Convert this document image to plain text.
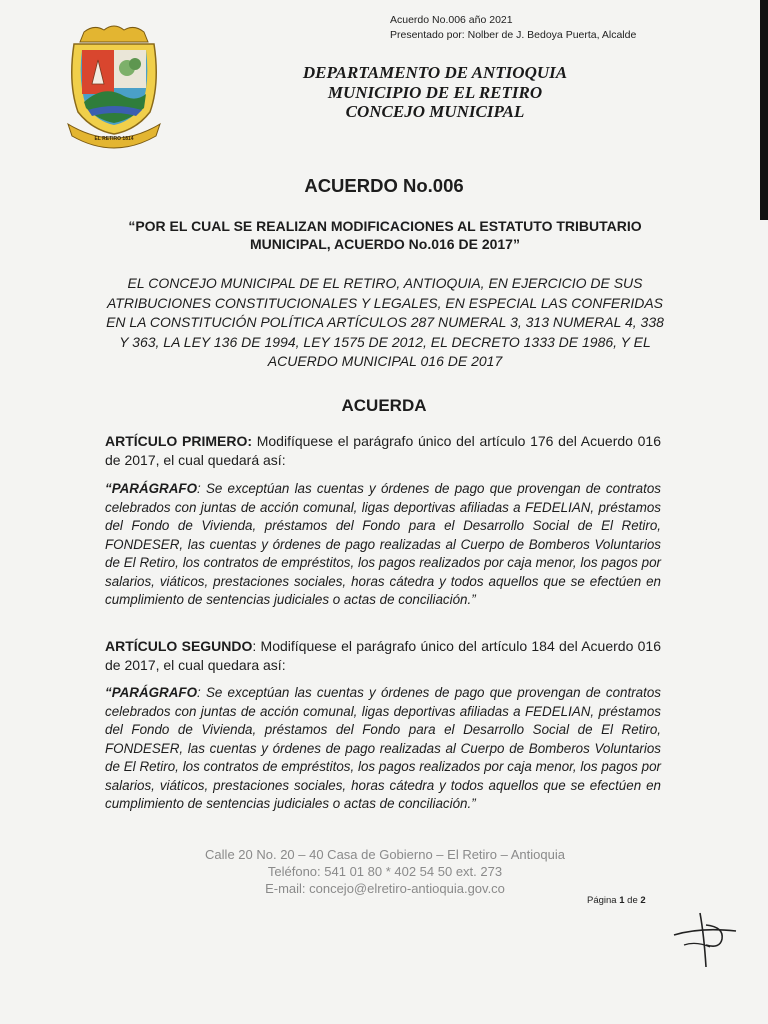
Acuerdo No.006 año 2021
Presentado por: Nolber de J. Bedoya Puerta, Alcalde
EL RETIRO 1814
DEPARTAMENTO DE ANTIOQUIA
MUNICIPIO DE EL RETIRO
CONCEJO MUNICIPAL
ACUERDO No.006
“POR EL CUAL SE REALIZAN MODIFICACIONES AL ESTATUTO TRIBUTARIO MUNICIPAL, ACUERDO No.016 DE 2017”
EL CONCEJO MUNICIPAL DE EL RETIRO, ANTIOQUIA, EN EJERCICIO DE SUS ATRIBUCIONES CONSTITUCIONALES Y LEGALES, EN ESPECIAL LAS CONFERIDAS EN LA CONSTITUCIÓN POLÍTICA ARTÍCULOS 287 NUMERAL 3, 313 NUMERAL 4, 338 Y 363, LA LEY 136 DE 1994, LEY 1575 DE 2012, EL DECRETO 1333 DE 1986, Y EL ACUERDO MUNICIPAL 016 DE 2017
ACUERDA
ARTÍCULO PRIMERO: Modifíquese el parágrafo único del artículo 176 del Acuerdo 016 de 2017, el cual quedará así:
“PARÁGRAFO: Se exceptúan las cuentas y órdenes de pago que provengan de contratos celebrados con juntas de acción comunal, ligas deportivas afiliadas a FEDELIAN, préstamos del Fondo de Vivienda, préstamos del Fondo para el Desarrollo Social de El Retiro, FONDESER, las cuentas y órdenes de pago realizadas al Cuerpo de Bomberos Voluntarios de El Retiro, los contratos de empréstitos, los pagos realizados por caja menor, los pagos por salarios, viáticos, prestaciones sociales, horas cátedra y todos aquellos que se efectúen en cumplimiento de sentencias judiciales o actas de conciliación.”
ARTÍCULO SEGUNDO: Modifíquese el parágrafo único del artículo 184 del Acuerdo 016 de 2017, el cual quedara así:
“PARÁGRAFO: Se exceptúan las cuentas y órdenes de pago que provengan de contratos celebrados con juntas de acción comunal, ligas deportivas afiliadas a FEDELIAN, préstamos del Fondo de Vivienda, préstamos del Fondo para el Desarrollo Social de El Retiro, FONDESER, las cuentas y órdenes de pago realizadas al Cuerpo de Bomberos Voluntarios de El Retiro, los contratos de empréstitos, los pagos realizados por caja menor, los pagos por salarios, viáticos, prestaciones sociales, horas cátedra y todos aquellos que se efectúen en cumplimiento de sentencias judiciales o actas de conciliación.”
Calle 20 No. 20 – 40 Casa de Gobierno – El Retiro – Antioquia
Teléfono: 541 01 80 * 402 54 50 ext. 273
E-mail: concejo@elretiro-antioquia.gov.co
Página 1 de 2
